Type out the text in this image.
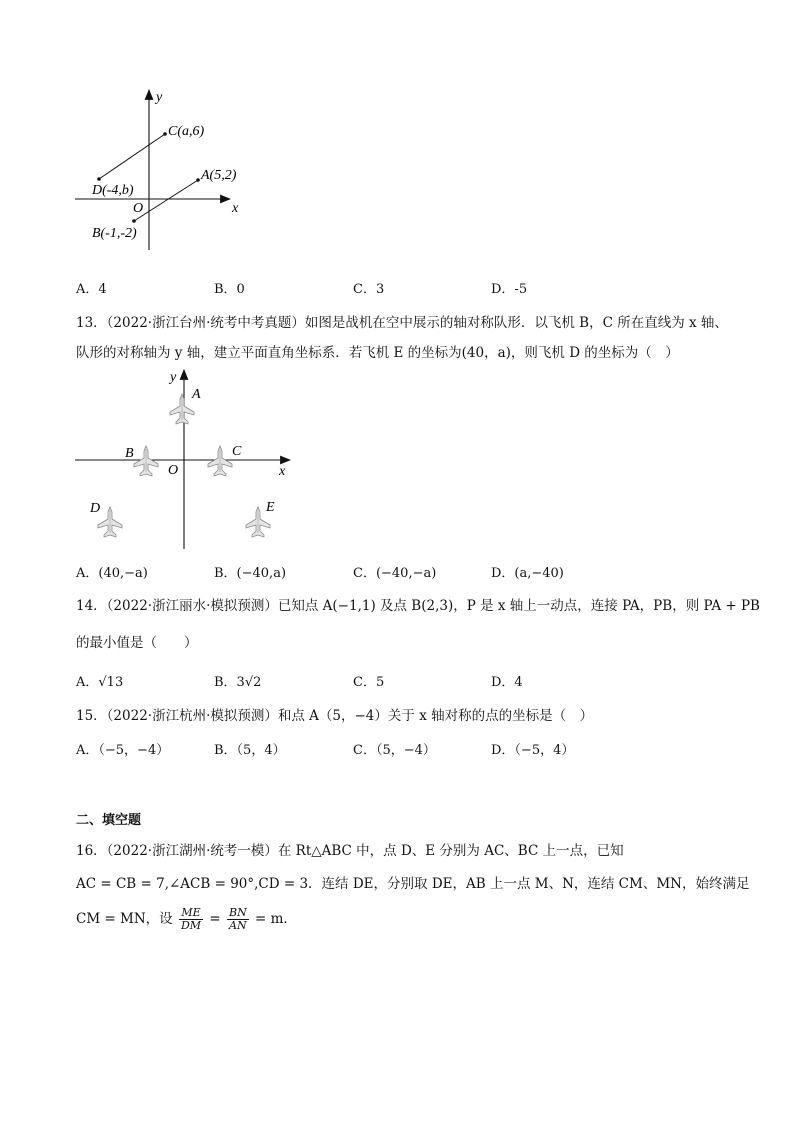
y
x
O
C(a,6)
D(-4,b)
A(5,2)
B(-1,-2)
A．4	B．0	C．3	D．-5
13．（2022·浙江台州·统考中考真题）如图是战机在空中展示的轴对称队形．以飞机 B，C 所在直线为 x 轴、
队形的对称轴为 y 轴，建立平面直角坐标系．若飞机 E 的坐标为(40，a)，则飞机 D 的坐标为（　）
y
x
O
A
B	C
D	E
A．(40,−a)	B．(−40,a)	C．(−40,−a)	D．(a,−40)
14．（2022·浙江丽水·模拟预测）已知点 A(−1,1) 及点 B(2,3)，P 是 x 轴上一动点，连接 PA，PB，则 PA + PB
的最小值是（　　）
A．√13	B．3√2	C．5	D．4
15．（2022·浙江杭州·模拟预测）和点 A（5，−4）关于 x 轴对称的点的坐标是（　）
A．（−5，−4）	B．（5，4）	C．（5，−4）	D．（−5，4）
二、填空题
16．（2022·浙江湖州·统考一模）在 Rt△ABC 中，点 D、E 分别为 AC、BC 上一点，已知
AC = CB = 7,∠ACB = 90°,CD = 3．连结 DE，分别取 DE，AB 上一点 M、N，连结 CM、MN，始终满足
CM = MN，设 $\frac{ME}{DM} = \frac{BN}{AN} = m$．
